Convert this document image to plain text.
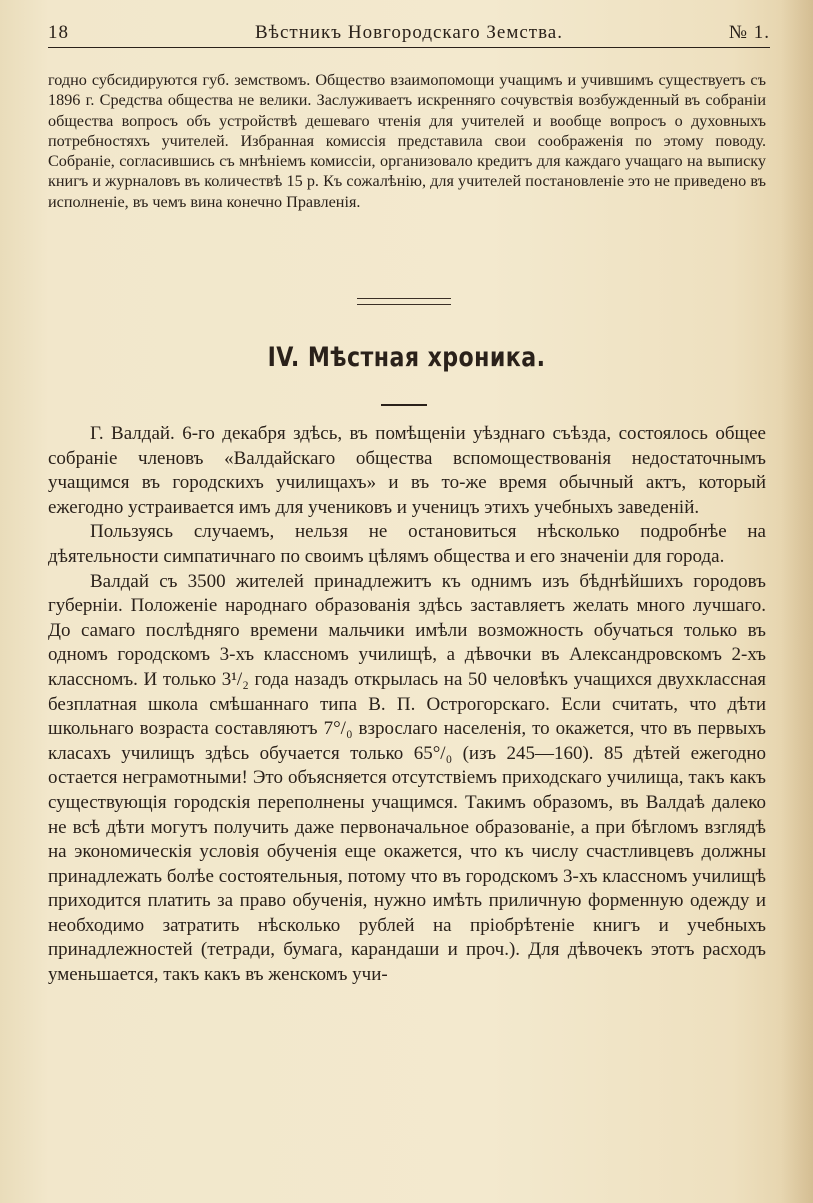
18	Вѣстникъ Новгородскаго Земства.	№ 1.

годно субсидируются губ. земствомъ. Общество взаимопомощи учащимъ и учившимъ существуетъ съ 1896 г. Средства общества не велики. Заслуживаетъ искренняго сочувствія возбужденный въ собраніи общества вопросъ объ устройствѣ дешеваго чтенія для учителей и вообще вопросъ о духовныхъ потребностяхъ учителей. Избранная комиссія представила свои соображенія по этому поводу. Собраніе, согласившись съ мнѣніемъ комиссіи, организовало кредитъ для каждаго учащаго на выписку книгъ и журналовъ въ количествѣ 15 р. Къ сожалѣнію, для учителей постановленіе это не приведено въ исполненіе, въ чемъ вина конечно Правленія.

IV. Мѣстная хроника.

Г. Валдай. 6-го декабря здѣсь, въ помѣщеніи уѣзднаго съѣзда, состоялось общее собраніе членовъ «Валдайскаго общества вспомоществованія недостаточнымъ учащимся въ городскихъ училищахъ» и въ то-же время обычный актъ, который ежегодно устраивается имъ для учениковъ и ученицъ этихъ учебныхъ заведеній.

Пользуясь случаемъ, нельзя не остановиться нѣсколько подробнѣе на дѣятельности симпатичнаго по своимъ цѣлямъ общества и его значеніи для города.

Валдай съ 3500 жителей принадлежитъ къ однимъ изъ бѣднѣйшихъ городовъ губерніи. Положеніе народнаго образованія здѣсь заставляетъ желать много лучшаго. До самаго послѣдняго времени мальчики имѣли возможность обучаться только въ одномъ городскомъ 3-хъ классномъ училищѣ, а дѣвочки въ Александровскомъ 2-хъ классномъ. И только 3¹/₂ года назадъ открылась на 50 человѣкъ учащихся двухклассная безплатная школа смѣшаннаго типа В. П. Острогорскаго. Если считать, что дѣти школьнаго возраста составляютъ 7°/₀ взрослаго населенія, то окажется, что въ первыхъ класахъ училищъ здѣсь обучается только 65°/₀ (изъ 245—160). 85 дѣтей ежегодно остается неграмотными! Это объясняется отсутствіемъ приходскаго училища, такъ какъ существующія городскія переполнены учащимся. Такимъ образомъ, въ Валдаѣ далеко не всѣ дѣти могутъ получить даже первоначальное образованіе, а при бѣгломъ взглядѣ на экономическія условія обученія еще окажется, что къ числу счастливцевъ должны принадлежать болѣе состоятельныя, потому что въ городскомъ 3-хъ классномъ училищѣ приходится платить за право обученія, нужно имѣть приличную форменную одежду и необходимо затратить нѣсколько рублей на пріобрѣтеніе книгъ и учебныхъ принадлежностей (тетради, бумага, карандаши и проч.). Для дѣвочекъ этотъ расходъ уменьшается, такъ какъ въ женскомъ учи-
